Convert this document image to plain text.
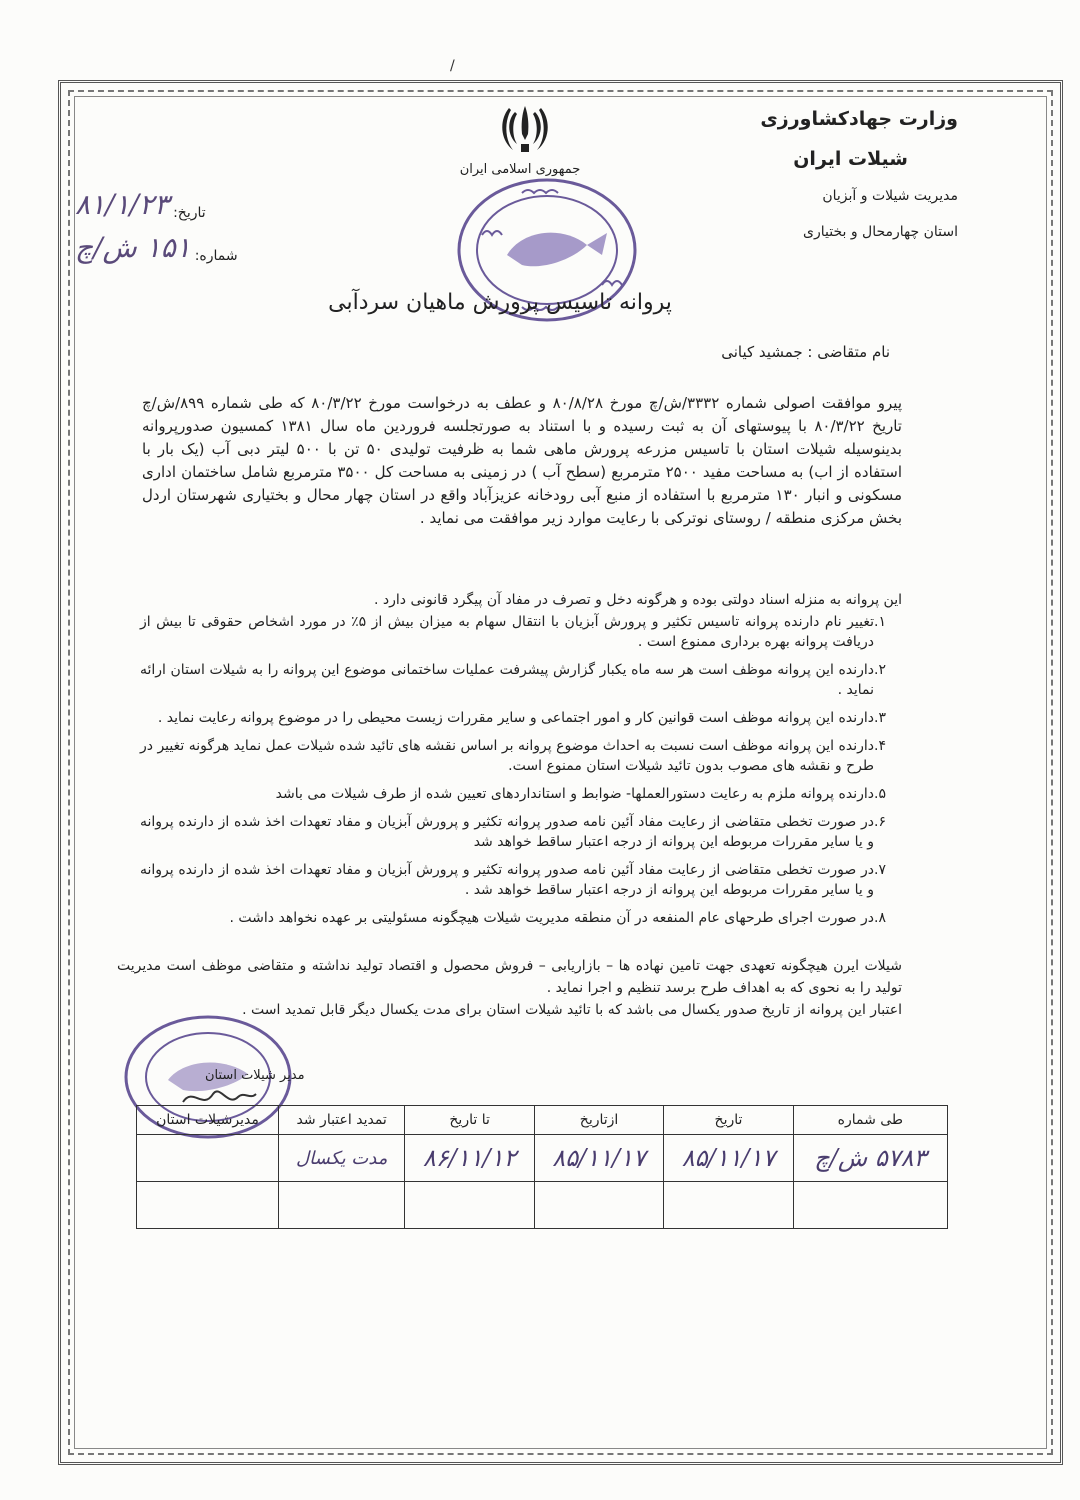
/

وزارت جهادکشاورزی

شیلات ایران

مدیریت شیلات و آبزیان

استان چهارمحال و بختیاری

جمهوری اسلامی ایران
تاریخ:
۸۱/۱/۲۳
شماره:
۱۵۱ ش/چ
پروانه تاسیس پرورش ماهیان سردآبی
نام متقاضی : جمشید کیانی

پیرو موافقت اصولی شماره ۳۳۳۲/ش/چ مورخ ۸۰/۸/۲۸ و عطف به درخواست مورخ ۸۰/۳/۲۲ که طی شماره ۸۹۹/ش/چ تاریخ ۸۰/۳/۲۲ با پیوستهای آن به ثبت رسیده و با استناد به صورتجلسه فروردین ماه سال ۱۳۸۱ کمسیون صدورپروانه بدینوسیله شیلات استان با تاسیس مزرعه پرورش ماهی شما به ظرفیت تولیدی ۵۰ تن با ۵۰۰ لیتر دبی آب (یک بار با استفاده از اب) به مساحت مفید ۲۵۰۰ مترمربع (سطح آب ) در زمینی به مساحت کل ۳۵۰۰ مترمربع شامل ساختمان اداری مسکونی و انبار ۱۳۰ مترمربع با استفاده از منبع آبی رودخانه عزیزآباد واقع در استان چهار محال و بختیاری شهرستان اردل بخش مرکزی منطقه / روستای نوترکی با رعایت موارد زیر موافقت می نماید .

این پروانه به منزله اسناد دولتی بوده و هرگونه دخل و تصرف در مفاد آن پیگرد قانونی دارد .

۱.
تغییر نام دارنده پروانه تاسیس تکثیر و پرورش آبزیان با انتقال سهام به میزان بیش از ۵٪ در مورد اشخاص حقوقی تا بیش از دریافت پروانه بهره برداری ممنوع است .
۲.
دارنده این پروانه موظف است هر سه ماه یکبار گزارش پیشرفت عملیات ساختمانی موضوع این پروانه را به شیلات استان ارائه نماید .
۳.
دارنده این پروانه موظف است قوانین کار و امور اجتماعی و سایر مقررات زیست محیطی را در موضوع پروانه رعایت نماید .
۴.
دارنده این پروانه موظف است نسبت به احداث موضوع پروانه بر اساس نقشه های تائید شده شیلات عمل نماید هرگونه تغییر در طرح و نقشه های مصوب بدون تائید شیلات استان ممنوع است.
۵.
دارنده پروانه ملزم به رعایت دستورالعملها- ضوابط و استانداردهای تعیین شده از طرف شیلات می باشد
۶.
در صورت تخطی متقاضی از رعایت مفاد آئین نامه صدور پروانه تکثیر و پرورش آبزیان و مفاد تعهدات اخذ شده از دارنده پروانه و یا سایر مقررات مربوطه این پروانه از درجه اعتبار ساقط خواهد شد
۷.
در صورت تخطی متقاضی از رعایت مفاد آئین نامه صدور پروانه تکثیر و پرورش آبزیان و مفاد تعهدات اخذ شده از دارنده پروانه و یا سایر مقررات مربوطه این پروانه از درجه اعتبار ساقط خواهد شد .
۸.
در صورت اجرای طرحهای عام المنفعه در آن منطقه مدیریت شیلات هیچگونه مسئولیتی بر عهده نخواهد داشت .
شیلات ایرن هیچگونه تعهدی جهت تامین نهاده ها – بازاریابی – فروش محصول و اقتصاد تولید نداشته و متقاضی موظف است مدیریت تولید را به نحوی که به اهداف طرح برسد تنظیم و اجرا نماید .
اعتبار این پروانه از تاریخ صدور یکسال می باشد که با تائید شیلات استان برای مدت یکسال دیگر قابل تمدید است .
مدیر شیلات استان
طی شماره	تاریخ	ازتاریخ	تا تاریخ	تمدید اعتبار شد	مدیرشیلات استان
۵۷۸۳ ش/چ	۸۵/۱۱/۱۷	۸۵/۱۱/۱۷	۸۶/۱۱/۱۲	مدت یکسال	
